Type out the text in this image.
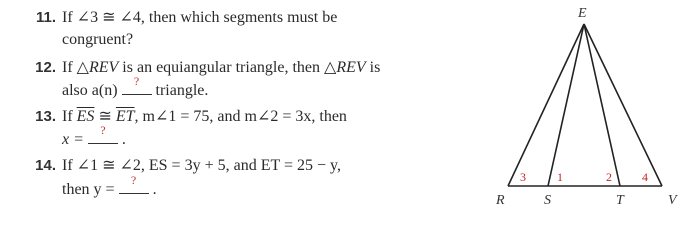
11. If ∠3 ≅ ∠4, then which segments must be
congruent?
12. If △REV is an equiangular triangle, then △REV is
also a(n)
?
triangle.
13. If $\overline{ES}$ ≅ $\overline{ET}$, m∠1 = 75, and m∠2 = 3x, then
x =
?
.
14. If ∠1 ≅ ∠2, ES = 3y + 5, and ET = 25 − y,
then y =
?
.
E
R	S	T	V
3	1	2	4
